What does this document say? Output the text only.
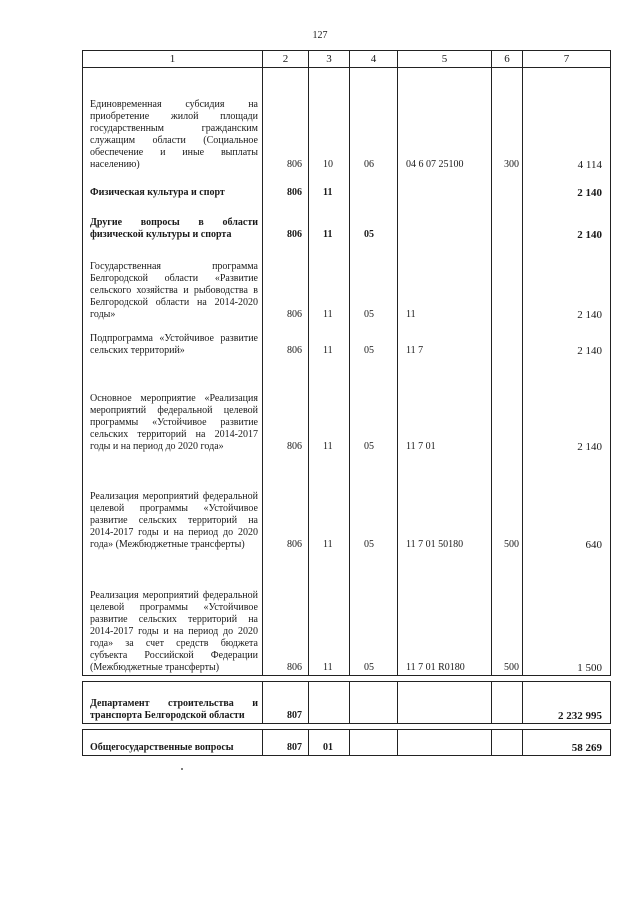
127
1	2	3	4	5	6	7
Единовременная субсидия на приобретение жилой площади государственным гражданским служащим области (Социальное обеспечение и иные выплаты населению)	806	10	06	04 6 07 25100	300	4 114
Физическая культура и спорт	806	11				2 140
Другие вопросы в области физической культуры и спорта	806	11	05			2 140
Государственная программа Белгородской области «Развитие сельского хозяйства и рыбоводства в Белгородской области на 2014-2020 годы»	806	11	05	11		2 140
Подпрограмма «Устойчивое развитие сельских территорий»	806	11	05	11 7		2 140
Основное мероприятие «Реализация мероприятий федеральной целевой программы «Устойчивое развитие сельских территорий на 2014-2017 годы и на период до 2020 года»	806	11	05	11 7 01		2 140
Реализация мероприятий федеральной целевой программы «Устойчивое развитие сельских территорий на 2014-2017 годы и на период до 2020 года» (Межбюджетные трансферты)	806	11	05	11 7 01 50180	500	640
Реализация мероприятий федеральной целевой программы «Устойчивое развитие сельских территорий на 2014-2017 годы и на период до 2020 года» за счет средств бюджета субъекта Российской Федерации (Межбюджетные трансферты)	806	11	05	11 7 01 R0180	500	1 500

Департамент строительства и транспорта Белгородской области	807					2 232 995

Общегосударственные вопросы	807	01				58 269
